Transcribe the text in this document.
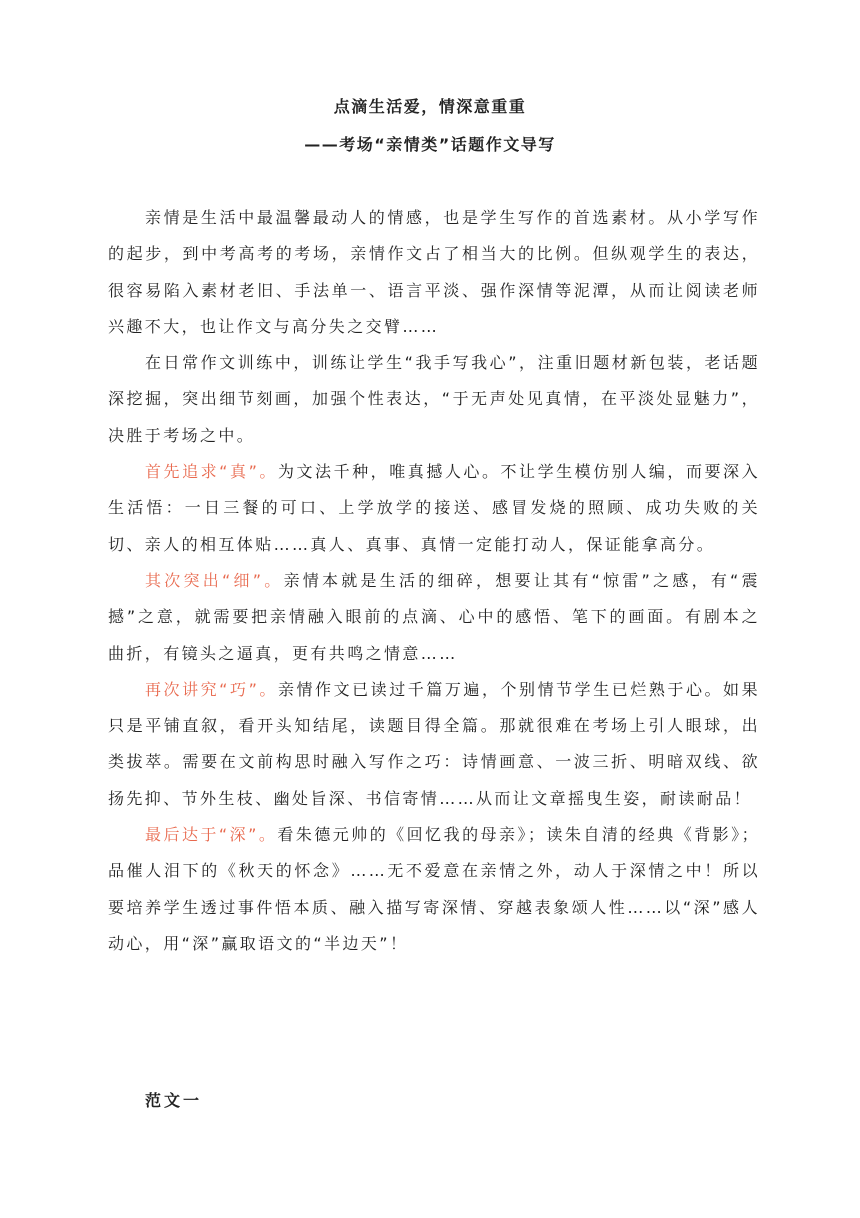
点滴生活爱，情深意重重
——考场“亲情类”话题作文导写

亲情是生活中最温馨最动人的情感，也是学生写作的首选素材。从小学写作的起步，到中考高考的考场，亲情作文占了相当大的比例。但纵观学生的表达，很容易陷入素材老旧、手法单一、语言平淡、强作深情等泥潭，从而让阅读老师兴趣不大，也让作文与高分失之交臂……

在日常作文训练中，训练让学生“我手写我心”，注重旧题材新包装，老话题深挖掘，突出细节刻画，加强个性表达，“于无声处见真情，在平淡处显魅力”，决胜于考场之中。

首先追求“真”。为文法千种，唯真撼人心。不让学生模仿别人编，而要深入生活悟：一日三餐的可口、上学放学的接送、感冒发烧的照顾、成功失败的关切、亲人的相互体贴……真人、真事、真情一定能打动人，保证能拿高分。

其次突出“细”。亲情本就是生活的细碎，想要让其有“惊雷”之感，有“震撼”之意，就需要把亲情融入眼前的点滴、心中的感悟、笔下的画面。有剧本之曲折，有镜头之逼真，更有共鸣之情意……

再次讲究“巧”。亲情作文已读过千篇万遍，个别情节学生已烂熟于心。如果只是平铺直叙，看开头知结尾，读题目得全篇。那就很难在考场上引人眼球，出类拔萃。需要在文前构思时融入写作之巧：诗情画意、一波三折、明暗双线、欲扬先抑、节外生枝、幽处旨深、书信寄情……从而让文章摇曳生姿，耐读耐品！

最后达于“深”。看朱德元帅的《回忆我的母亲》；读朱自清的经典《背影》；品催人泪下的《秋天的怀念》……无不爱意在亲情之外，动人于深情之中！所以要培养学生透过事件悟本质、融入描写寄深情、穿越表象颂人性……以“深”感人动心，用“深”赢取语文的“半边天”！

范文一
